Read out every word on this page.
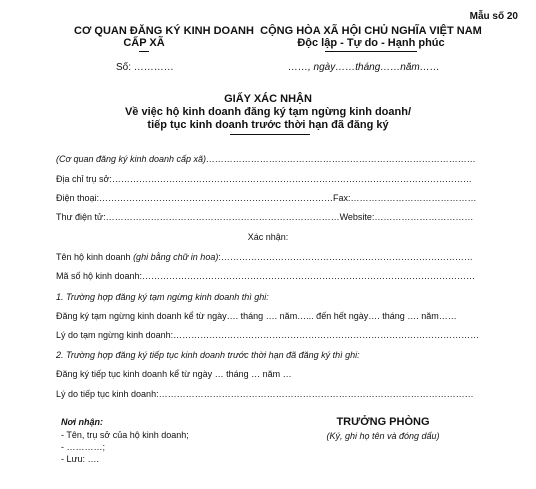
Mẫu số 20
CƠ QUAN ĐĂNG KÝ KINH DOANH
CẤP XÃ
Số: …………
CỘNG HÒA XÃ HỘI CHỦ NGHĨA VIỆT NAM
Độc lập - Tự do - Hạnh phúc
……, ngày……tháng……năm……
GIẤY XÁC NHẬN
Về việc hộ kinh doanh đăng ký tạm ngừng kinh doanh/
tiếp tục kinh doanh trước thời hạn đã đăng ký
(Cơ quan đăng ký kinh doanh cấp xã)………………………………………………………………………………
Địa chỉ trụ sở:…………………………………………………………………………………………………………
Điện thoại:……………………………………………………………………Fax:……………………………………
Thư điện tử:……………………………………………………………………Website:……………………………
Xác nhận:
Tên hộ kinh doanh (ghi bằng chữ in hoa):…………………………………………………………………………
Mã số hộ kinh doanh:…………………………………………………………………………………………………
1. Trường hợp đăng ký tạm ngừng kinh doanh thì ghi:
Đăng ký tạm ngừng kinh doanh kể từ ngày…. tháng …. năm…... đến hết ngày…. tháng …. năm……
Lý do tạm ngừng kinh doanh:…………………………………………………………………………………………
2. Trường hợp đăng ký tiếp tục kinh doanh trước thời hạn đã đăng ký thì ghi:
Đăng ký tiếp tục kinh doanh kể từ ngày … tháng … năm …
Lý do tiếp tục kinh doanh:……………………………………………………………………………………………
Nơi nhận:
- Tên, trụ sở của hộ kinh doanh;
- …………;
- Lưu: ….
TRƯỞNG PHÒNG
(Ký, ghi họ tên và đóng dấu)
